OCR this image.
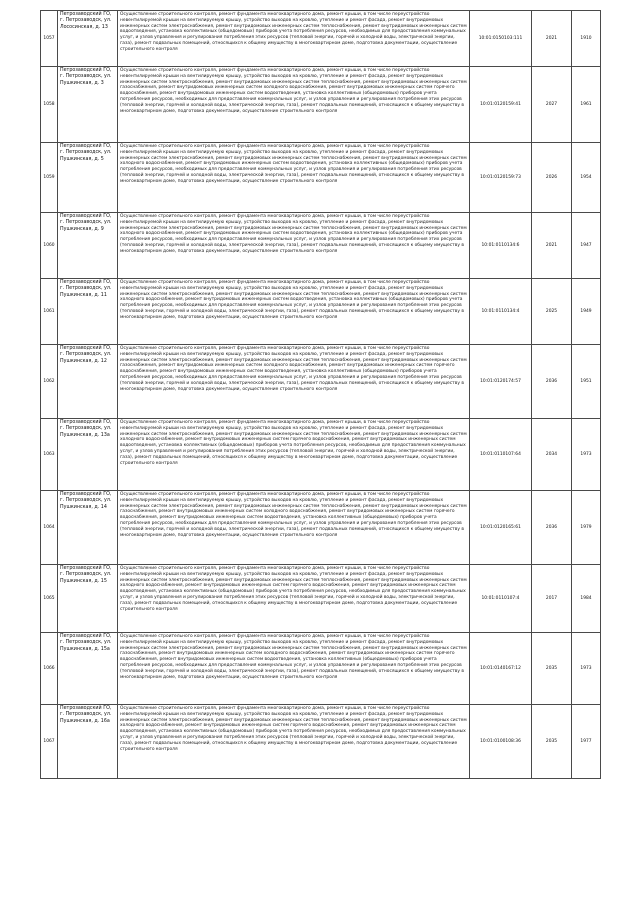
1057	Петрозаводский ГО, г. Петрозаводск, ул. Лососинская, д. 13	Осуществление строительного контроля, ремонт фундамента многоквартирного дома, ремонт крыши, в том числе переустройство невентилируемой крыши на вентилируемую крышу, устройство выходов на кровлю, утепление и ремонт фасада, ремонт внутридомовых инженерных систем электроснабжения, ремонт внутридомовых инженерных систем теплоснабжения, ремонт внутридомовых инженерных систем водоотведения, установка коллективных (общедомовых) приборов учета потребления ресурсов, необходимых для предоставления коммунальных услуг, и узлов управления и регулирования потребления этих ресурсов (тепловой энергии, горячей и холодной воды, электрической энергии, газа), ремонт подвальных помещений, относящихся к общему имуществу в многоквартирном доме, подготовка документации, осуществление строительного контроля	10:01:0150103:111	2021	1910
1058	Петрозаводский ГО, г. Петрозаводск, ул. Пушкинская, д. 3	Осуществление строительного контроля, ремонт фундамента многоквартирного дома, ремонт крыши, в том числе переустройство невентилируемой крыши на вентилируемую крышу, устройство выходов на кровлю, утепление и ремонт фасада, ремонт внутридомовых инженерных систем электроснабжения, ремонт внутридомовых инженерных систем теплоснабжения, ремонт внутридомовых инженерных систем газоснабжения, ремонт внутридомовых инженерных систем холодного водоснабжения, ремонт внутридомовых инженерных систем горячего водоснабжения, ремонт внутридомовых инженерных систем водоотведения, установка коллективных (общедомовых) приборов учета потребления ресурсов, необходимых для предоставления коммунальных услуг, и узлов управления и регулирования потребления этих ресурсов (тепловой энергии, горячей и холодной воды, электрической энергии, газа), ремонт подвальных помещений, относящихся к общему имуществу в многоквартирном доме, подготовка документации, осуществление строительного контроля	10:01:0120159:41	2027	1961
1059	Петрозаводский ГО, г. Петрозаводск, ул. Пушкинская, д. 5	Осуществление строительного контроля, ремонт фундамента многоквартирного дома, ремонт крыши, в том числе переустройство невентилируемой крыши на вентилируемую крышу, устройство выходов на кровлю, утепление и ремонт фасада, ремонт внутридомовых инженерных систем электроснабжения, ремонт внутридомовых инженерных систем теплоснабжения, ремонт внутридомовых инженерных систем холодного водоснабжения, ремонт внутридомовых инженерных систем водоотведения, установка коллективных (общедомовых) приборов учета потребления ресурсов, необходимых для предоставления коммунальных услуг, и узлов управления и регулирования потребления этих ресурсов (тепловой энергии, горячей и холодной воды, электрической энергии, газа), ремонт подвальных помещений, относящихся к общему имуществу в многоквартирном доме, подготовка документации, осуществление строительного контроля	10:01:0120159:73	2026	1954
1060	Петрозаводский ГО, г. Петрозаводск, ул. Пушкинская, д. 9	Осуществление строительного контроля, ремонт фундамента многоквартирного дома, ремонт крыши, в том числе переустройство невентилируемой крыши на вентилируемую крышу, устройство выходов на кровлю, утепление и ремонт фасада, ремонт внутридомовых инженерных систем электроснабжения, ремонт внутридомовых инженерных систем теплоснабжения, ремонт внутридомовых инженерных систем холодного водоснабжения, ремонт внутридомовых инженерных систем водоотведения, установка коллективных (общедомовых) приборов учета потребления ресурсов, необходимых для предоставления коммунальных услуг, и узлов управления и регулирования потребления этих ресурсов (тепловой энергии, горячей и холодной воды, электрической энергии, газа), ремонт подвальных помещений, относящихся к общему имуществу в многоквартирном доме, подготовка документации, осуществление строительного контроля	10:01:0110134:6	2021	1947
1061	Петрозаводский ГО, г. Петрозаводск, ул. Пушкинская, д. 11	Осуществление строительного контроля, ремонт фундамента многоквартирного дома, ремонт крыши, в том числе переустройство невентилируемой крыши на вентилируемую крышу, устройство выходов на кровлю, утепление и ремонт фасада, ремонт внутридомовых инженерных систем электроснабжения, ремонт внутридомовых инженерных систем теплоснабжения, ремонт внутридомовых инженерных систем холодного водоснабжения, ремонт внутридомовых инженерных систем водоотведения, установка коллективных (общедомовых) приборов учета потребления ресурсов, необходимых для предоставления коммунальных услуг, и узлов управления и регулирования потребления этих ресурсов (тепловой энергии, горячей и холодной воды, электрической энергии, газа), ремонт подвальных помещений, относящихся к общему имуществу в многоквартирном доме, подготовка документации, осуществление строительного контроля	10:01:0110134:4	2025	1949
1062	Петрозаводский ГО, г. Петрозаводск, ул. Пушкинская, д. 12	Осуществление строительного контроля, ремонт фундамента многоквартирного дома, ремонт крыши, в том числе переустройство невентилируемой крыши на вентилируемую крышу, устройство выходов на кровлю, утепление и ремонт фасада, ремонт внутридомовых инженерных систем электроснабжения, ремонт внутридомовых инженерных систем теплоснабжения, ремонт внутридомовых инженерных систем газоснабжения, ремонт внутридомовых инженерных систем холодного водоснабжения, ремонт внутридомовых инженерных систем горячего водоснабжения, ремонт внутридомовых инженерных систем водоотведения, установка коллективных (общедомовых) приборов учета потребления ресурсов, необходимых для предоставления коммунальных услуг, и узлов управления и регулирования потребления этих ресурсов (тепловой энергии, горячей и холодной воды, электрической энергии, газа), ремонт подвальных помещений, относящихся к общему имуществу в многоквартирном доме, подготовка документации, осуществление строительного контроля	10:01:0120174:57	2036	1951
1063	Петрозаводский ГО, г. Петрозаводск, ул. Пушкинская, д. 13а	Осуществление строительного контроля, ремонт фундамента многоквартирного дома, ремонт крыши, в том числе переустройство невентилируемой крыши на вентилируемую крышу, устройство выходов на кровлю, утепление и ремонт фасада, ремонт внутридомовых инженерных систем электроснабжения, ремонт внутридомовых инженерных систем теплоснабжения, ремонт внутридомовых инженерных систем холодного водоснабжения, ремонт внутридомовых инженерных систем горячего водоснабжения, ремонт внутридомовых инженерных систем водоотведения, установка коллективных (общедомовых) приборов учета потребления ресурсов, необходимых для предоставления коммунальных услуг, и узлов управления и регулирования потребления этих ресурсов (тепловой энергии, горячей и холодной воды, электрической энергии, газа), ремонт подвальных помещений, относящихся к общему имуществу в многоквартирном доме, подготовка документации, осуществление строительного контроля	10:01:0110107:64	2034	1973
1064	Петрозаводский ГО, г. Петрозаводск, ул. Пушкинская, д. 14	Осуществление строительного контроля, ремонт фундамента многоквартирного дома, ремонт крыши, в том числе переустройство невентилируемой крыши на вентилируемую крышу, устройство выходов на кровлю, утепление и ремонт фасада, ремонт внутридомовых инженерных систем электроснабжения, ремонт внутридомовых инженерных систем теплоснабжения, ремонт внутридомовых инженерных систем газоснабжения, ремонт внутридомовых инженерных систем холодного водоснабжения, ремонт внутридомовых инженерных систем горячего водоснабжения, ремонт внутридомовых инженерных систем водоотведения, установка коллективных (общедомовых) приборов учета потребления ресурсов, необходимых для предоставления коммунальных услуг, и узлов управления и регулирования потребления этих ресурсов (тепловой энергии, горячей и холодной воды, электрической энергии, газа), ремонт подвальных помещений, относящихся к общему имуществу в многоквартирном доме, подготовка документации, осуществление строительного контроля	10:01:0120165:61	2036	1979
1065	Петрозаводский ГО, г. Петрозаводск, ул. Пушкинская, д. 15	Осуществление строительного контроля, ремонт фундамента многоквартирного дома, ремонт крыши, в том числе переустройство невентилируемой крыши на вентилируемую крышу, устройство выходов на кровлю, утепление и ремонт фасада, ремонт внутридомовых инженерных систем электроснабжения, ремонт внутридомовых инженерных систем теплоснабжения, ремонт внутридомовых инженерных систем холодного водоснабжения, ремонт внутридомовых инженерных систем горячего водоснабжения, ремонт внутридомовых инженерных систем водоотведения, установка коллективных (общедомовых) приборов учета потребления ресурсов, необходимых для предоставления коммунальных услуг, и узлов управления и регулирования потребления этих ресурсов (тепловой энергии, горячей и холодной воды, электрической энергии, газа), ремонт подвальных помещений, относящихся к общему имуществу в многоквартирном доме, подготовка документации, осуществление строительного контроля	10:01:0110107:4	2017	1984
1066	Петрозаводский ГО, г. Петрозаводск, ул. Пушкинская, д. 15а	Осуществление строительного контроля, ремонт фундамента многоквартирного дома, ремонт крыши, в том числе переустройство невентилируемой крыши на вентилируемую крышу, устройство выходов на кровлю, утепление и ремонт фасада, ремонт внутридомовых инженерных систем электроснабжения, ремонт внутридомовых инженерных систем теплоснабжения, ремонт внутридомовых инженерных систем газоснабжения, ремонт внутридомовых инженерных систем холодного водоснабжения, ремонт внутридомовых инженерных систем горячего водоснабжения, ремонт внутридомовых инженерных систем водоотведения, установка коллективных (общедомовых) приборов учета потребления ресурсов, необходимых для предоставления коммунальных услуг, и узлов управления и регулирования потребления этих ресурсов (тепловой энергии, горячей и холодной воды, электрической энергии, газа), ремонт подвальных помещений, относящихся к общему имуществу в многоквартирном доме, подготовка документации, осуществление строительного контроля	10:01:0140167:12	2035	1973
1067	Петрозаводский ГО, г. Петрозаводск, ул. Пушкинская, д. 16а	Осуществление строительного контроля, ремонт фундамента многоквартирного дома, ремонт крыши, в том числе переустройство невентилируемой крыши на вентилируемую крышу, устройство выходов на кровлю, утепление и ремонт фасада, ремонт внутридомовых инженерных систем электроснабжения, ремонт внутридомовых инженерных систем теплоснабжения, ремонт внутридомовых инженерных систем холодного водоснабжения, ремонт внутридомовых инженерных систем горячего водоснабжения, ремонт внутридомовых инженерных систем водоотведения, установка коллективных (общедомовых) приборов учета потребления ресурсов, необходимых для предоставления коммунальных услуг, и узлов управления и регулирования потребления этих ресурсов (тепловой энергии, горячей и холодной воды, электрической энергии, газа), ремонт подвальных помещений, относящихся к общему имуществу в многоквартирном доме, подготовка документации, осуществление строительного контроля	10:01:0100108:36	2035	1977
